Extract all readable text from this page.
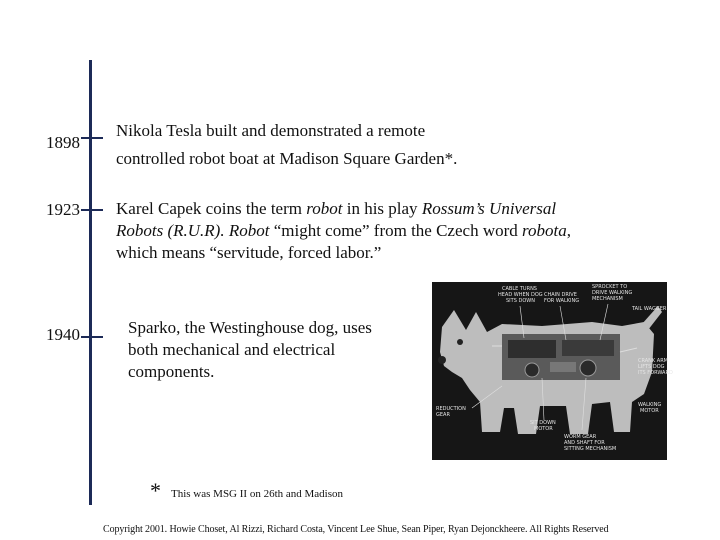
1898
Nikola Tesla built and demonstrated a remote
controlled robot boat at Madison Square Garden*.
1923 Karel Capek coins the term robot in his play Rossum’s Universal
Robots (R.U.R). Robot “might come” from the Czech word robota,
which means “servitude, forced labor.”
1940	Sparko, the Westinghouse dog, uses
both mechanical and electrical
components.
CABLE TURNS
HEAD WHEN DOG
SITS DOWN
CHAIN DRIVE
FOR WALKING
SPROCKET TO
DRIVE WALKING
MECHANISM
TAIL WAGGER
REDUCTION
GEAR
SIT DOWN
MOTOR
WORM GEAR
AND SHAFT FOR
SITTING MECHANISM
CRANK ARM
LIFTS DOG
ITS FORWARD
WALKING
MOTOR
* This was MSG II on 26th and Madison
Copyright 2001. Howie Choset, Al Rizzi, Richard Costa, Vincent Lee Shue, Sean Piper, Ryan Dejonckheere. All Rights Reserved
